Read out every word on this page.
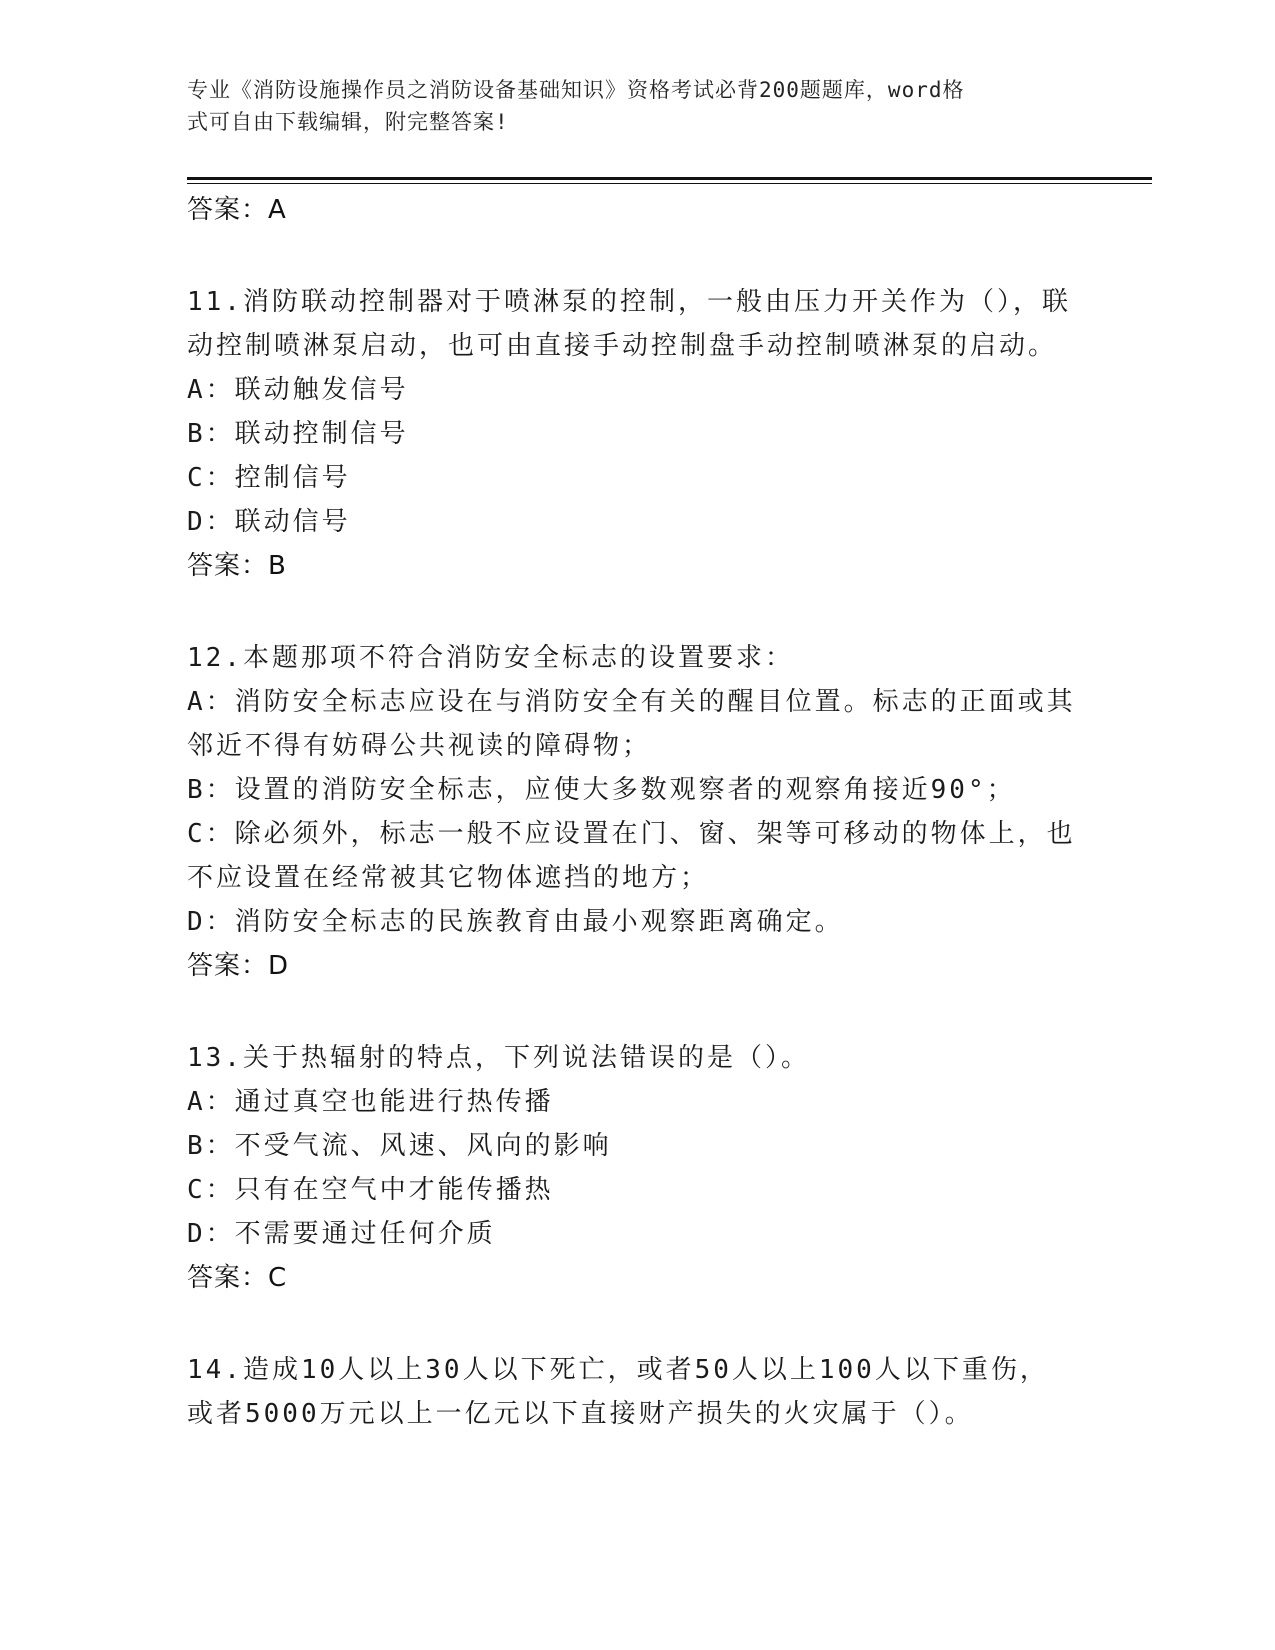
专业《消防设施操作员之消防设备基础知识》资格考试必背200题题库，word格
式可自由下载编辑，附完整答案!
答案：A
11.消防联动控制器对于喷淋泵的控制，一般由压力开关作为（），联
动控制喷淋泵启动，也可由直接手动控制盘手动控制喷淋泵的启动。
A：联动触发信号
B：联动控制信号
C：控制信号
D：联动信号
答案：B
12.本题那项不符合消防安全标志的设置要求：
A：消防安全标志应设在与消防安全有关的醒目位置。标志的正面或其
邻近不得有妨碍公共视读的障碍物；
B：设置的消防安全标志，应使大多数观察者的观察角接近90°；
C：除必须外，标志一般不应设置在门、窗、架等可移动的物体上，也
不应设置在经常被其它物体遮挡的地方；
D：消防安全标志的民族教育由最小观察距离确定。
答案：D
13.关于热辐射的特点，下列说法错误的是（）。
A：通过真空也能进行热传播
B：不受气流、风速、风向的影响
C：只有在空气中才能传播热
D：不需要通过任何介质
答案：C
14.造成10人以上30人以下死亡，或者50人以上100人以下重伤，
或者5000万元以上一亿元以下直接财产损失的火灾属于（）。
